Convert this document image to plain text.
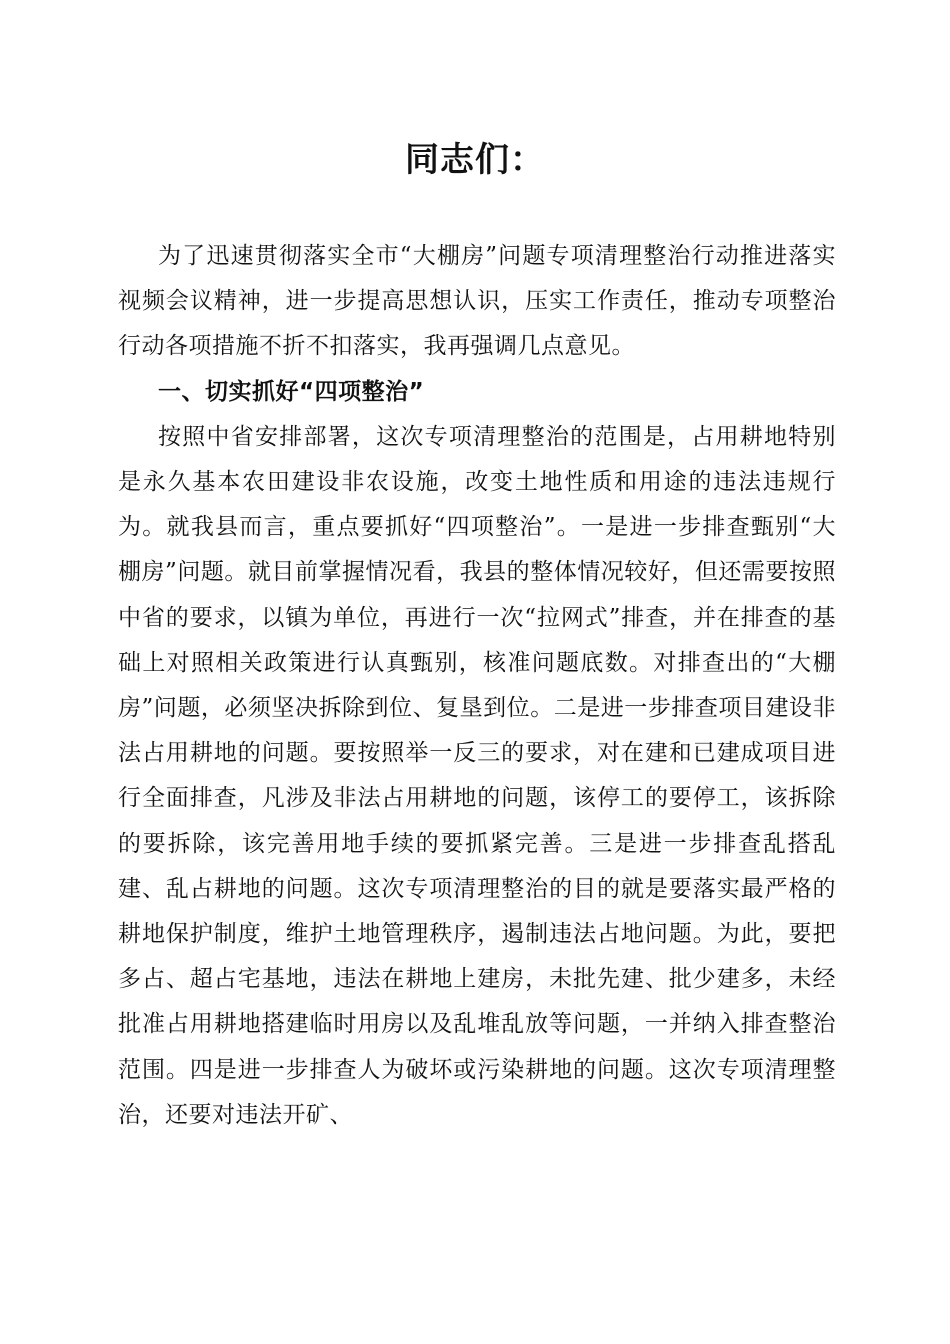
同志们：

为了迅速贯彻落实全市“大棚房”问题专项清理整治行动推进落实视频会议精神，进一步提高思想认识，压实工作责任，推动专项整治行动各项措施不折不扣落实，我再强调几点意见。

一、切实抓好“四项整治”

按照中省安排部署，这次专项清理整治的范围是，占用耕地特别是永久基本农田建设非农设施，改变土地性质和用途的违法违规行为。就我县而言，重点要抓好“四项整治”。一是进一步排查甄别“大棚房”问题。就目前掌握情况看，我县的整体情况较好，但还需要按照中省的要求，以镇为单位，再进行一次“拉网式”排查，并在排查的基础上对照相关政策进行认真甄别，核准问题底数。对排查出的“大棚房”问题，必须坚决拆除到位、复垦到位。二是进一步排查项目建设非法占用耕地的问题。要按照举一反三的要求，对在建和已建成项目进行全面排查，凡涉及非法占用耕地的问题，该停工的要停工，该拆除的要拆除，该完善用地手续的要抓紧完善。三是进一步排查乱搭乱建、乱占耕地的问题。这次专项清理整治的目的就是要落实最严格的耕地保护制度，维护土地管理秩序，遏制违法占地问题。为此，要把多占、超占宅基地，违法在耕地上建房，未批先建、批少建多，未经批准占用耕地搭建临时用房以及乱堆乱放等问题，一并纳入排查整治范围。四是进一步排查人为破坏或污染耕地的问题。这次专项清理整治，还要对违法开矿、
